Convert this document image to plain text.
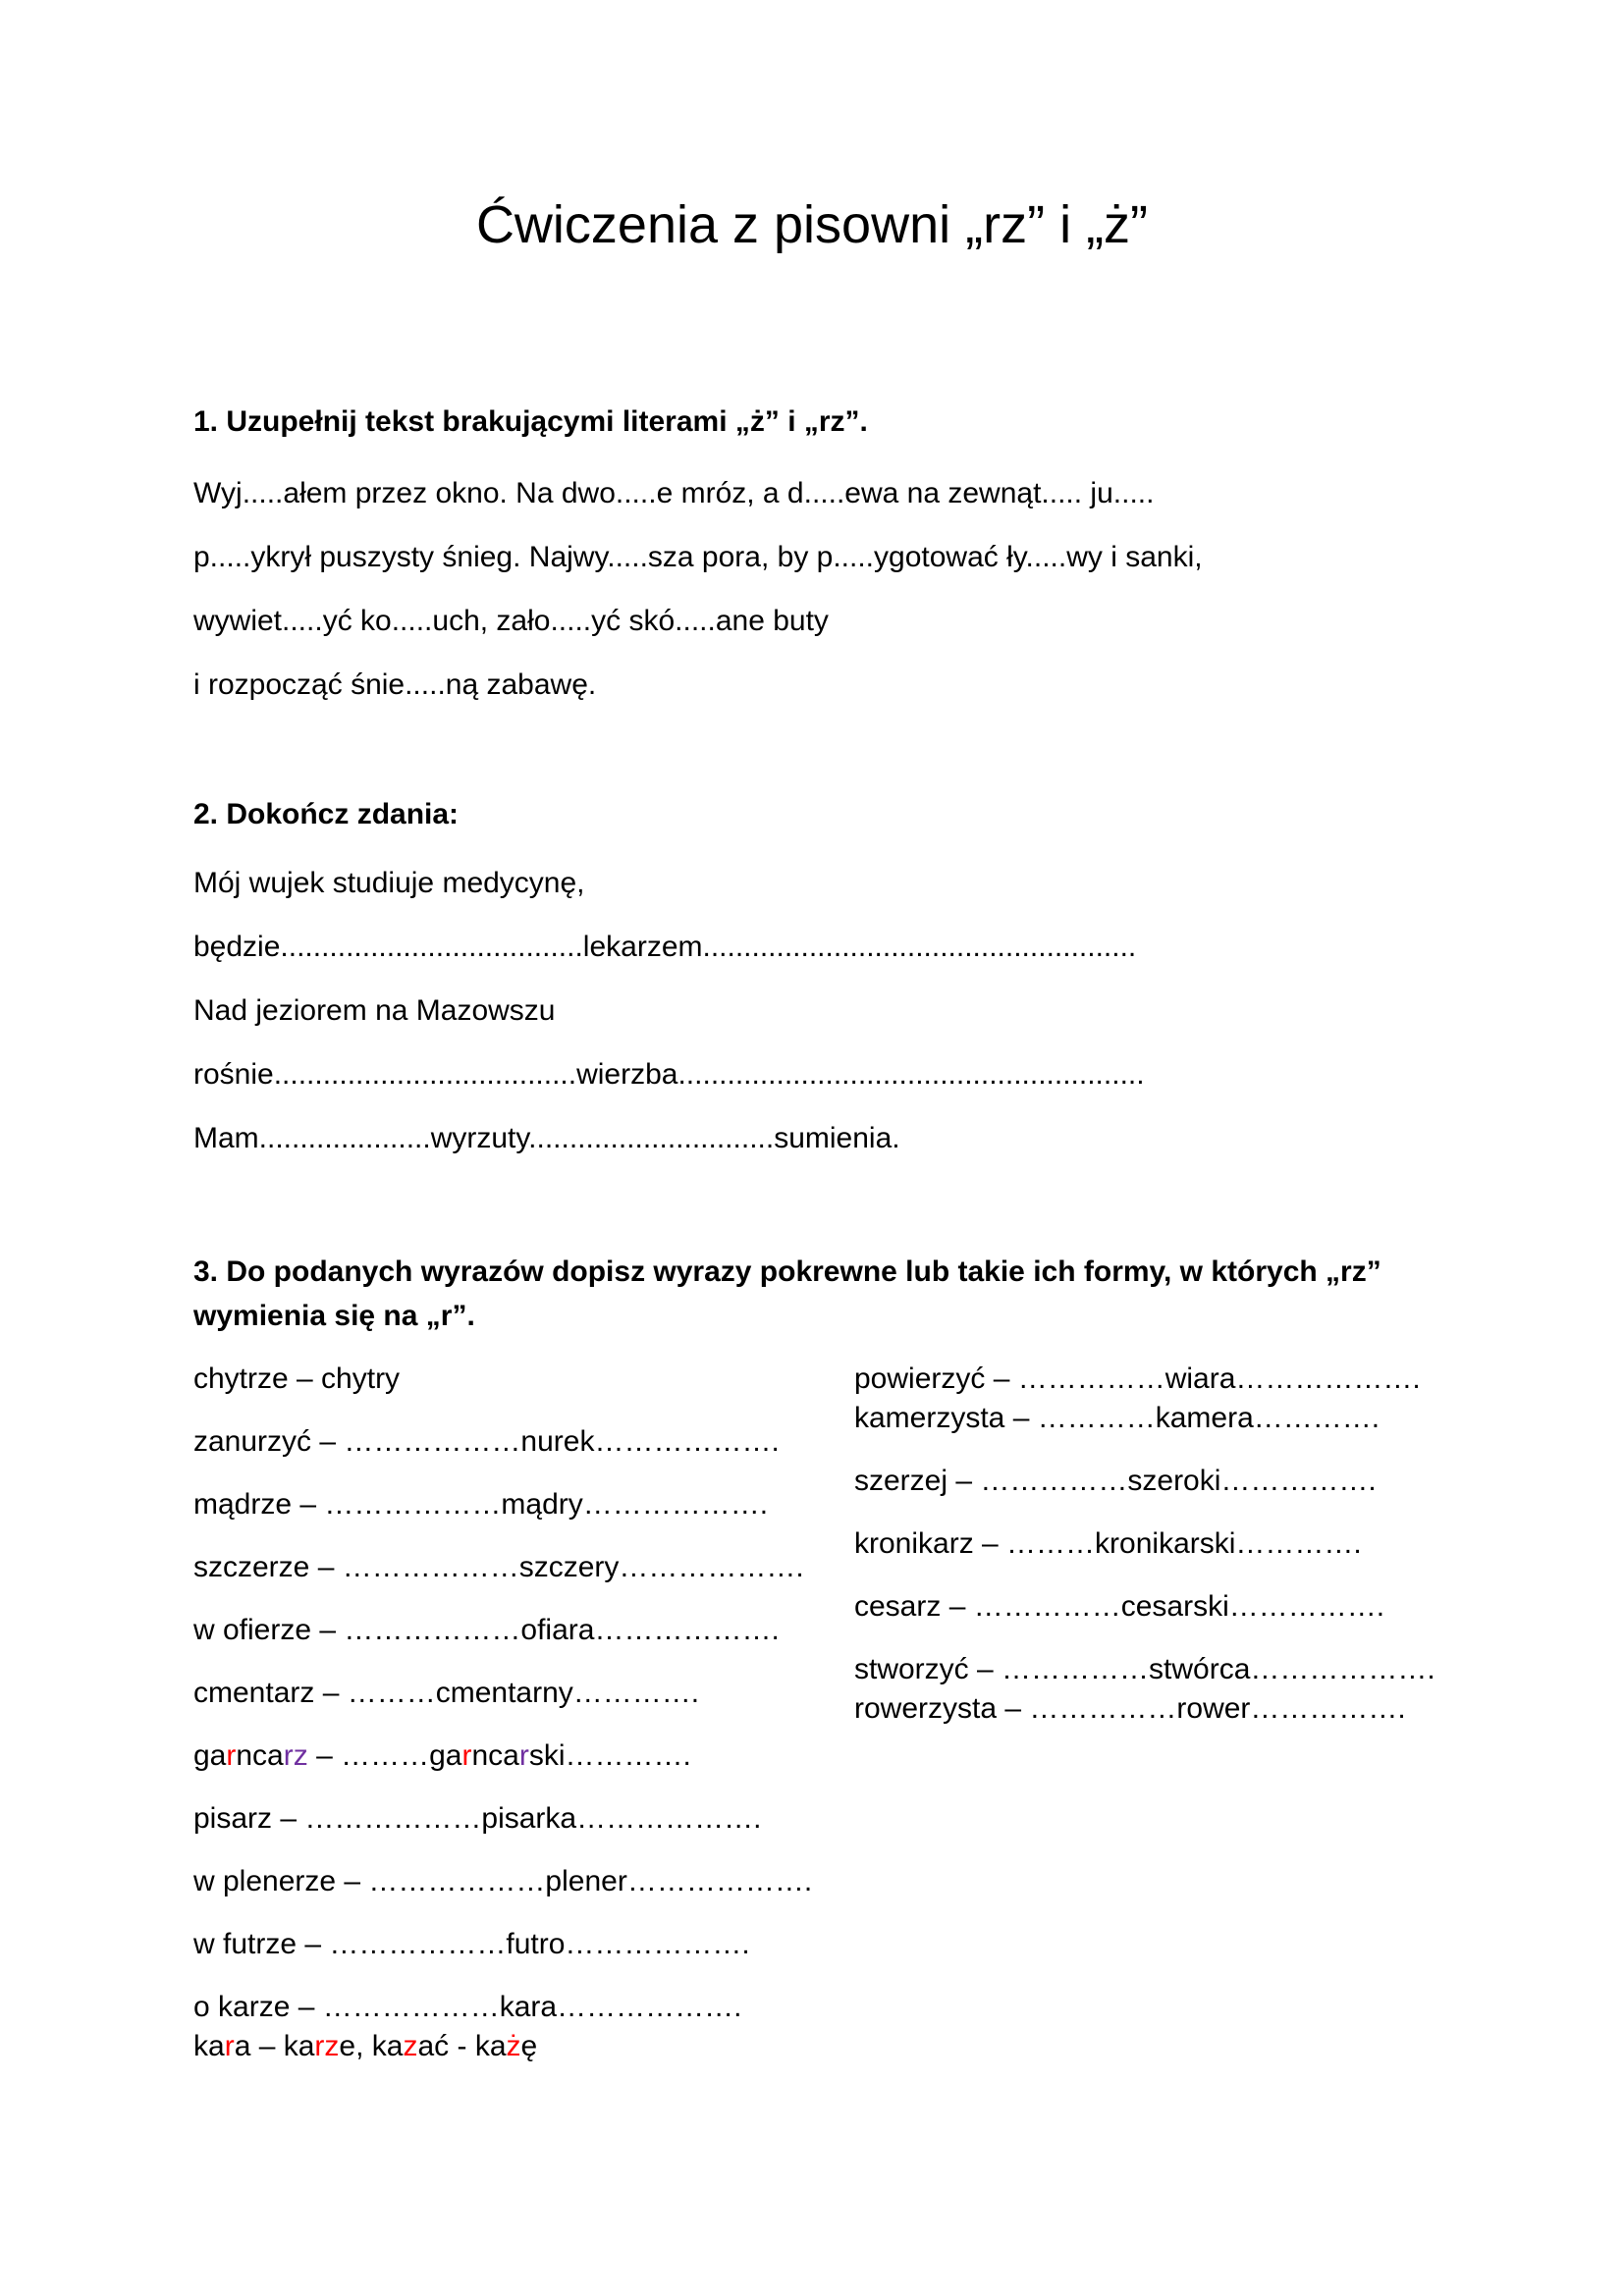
Ćwiczenia z pisowni „rz” i „ż”

1. Uzupełnij tekst brakującymi literami „ż” i „rz”.

Wyj.....ałem przez okno. Na dwo.....e mróz, a d.....ewa na zewnąt..... ju.....

p.....ykrył puszysty śnieg. Najwy.....sza pora, by p.....ygotować ły.....wy i sanki,

wywiet.....yć ko.....uch, zało.....yć skó.....ane buty

i rozpocząć śnie.....ną zabawę.

2. Dokończ zdania:

Mój wujek studiuje medycynę,

będzie.....................................lekarzem.....................................................

Nad jeziorem na Mazowszu

rośnie.....................................wierzba.........................................................

Mam.....................wyrzuty..............................sumienia.

3. Do podanych wyrazów dopisz wyrazy pokrewne lub takie ich formy, w których „rz”

wymienia się na „r”.

chytrze – chytry

zanurzyć – ………………nurek……………….

mądrze – ………………mądry……………….

szczerze – ………………szczery……………….

w ofierze – ………………ofiara……………….

cmentarz – ………cmentarny………….

garncarz – ………garncarski………….

pisarz – ………………pisarka……………….

w plenerze – ………………plener……………….

w futrze – ………………futro……………….

o karze – ………………kara……………….

kara – karze, kazać - każę

powierzyć – ……………wiara……………….

kamerzysta – …………kamera………….

szerzej – ……………szeroki…………….

kronikarz – ………kronikarski………….

cesarz – ……………cesarski…………….

stworzyć – ……………stwórca……………….

rowerzysta – ……………rower…………….
